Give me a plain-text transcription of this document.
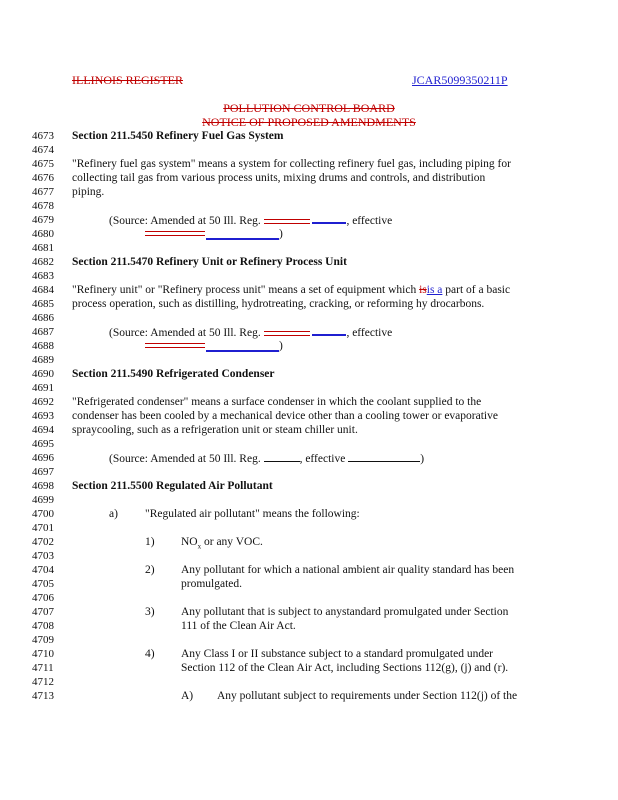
ILLINOIS REGISTER	JCAR5099350211P
POLLUTION CONTROL BOARD
NOTICE OF PROPOSED AMENDMENTS
4673	Section 211.5450 Refinery Fuel Gas System
4674
4675	"Refinery fuel gas system" means a system for collecting refinery fuel gas, including piping for
4676	collecting tail gas from various process units, mixing drums and controls, and distribution
4677	piping.
4678
4679	(Source: Amended at 50 Ill. Reg.	, effective
4680	)
4681
4682	Section 211.5470 Refinery Unit or Refinery Process Unit
4683
4684	"Refinery unit" or "Refinery process unit" means a set of equipment which isis a part of a basic
4685	process operation, such as distilling, hydrotreating, cracking, or reforming hy drocarbons.
4686
4687	(Source: Amended at 50 Ill. Reg.	, effective
4688	)
4689
4690	Section 211.5490 Refrigerated Condenser
4691
4692	"Refrigerated condenser" means a surface condenser in which the coolant supplied to the
4693	condenser has been cooled by a mechanical device other than a cooling tower or evaporative
4694	spraycooling, such as a refrigeration unit or steam chiller unit.
4695
4696	(Source: Amended at 50 Ill. Reg.	, effective	)
4697
4698	Section 211.5500 Regulated Air Pollutant
4699
4700	a) "Regulated air pollutant" means the following:
4701
4702	1) $NO_x$ or any VOC.
4703
4704	2) Any pollutant for which a national ambient air quality standard has been
4705	promulgated.
4706
4707	3) Any pollutant that is subject to anystandard promulgated under Section
4708	111 of the Clean Air Act.
4709
4710	4) Any Class I or II substance subject to a standard promulgated under
4711	Section 112 of the Clean Air Act, including Sections 112(g), (j) and (r).
4712
4713	A) Any pollutant subject to requirements under Section 112(j) of the
